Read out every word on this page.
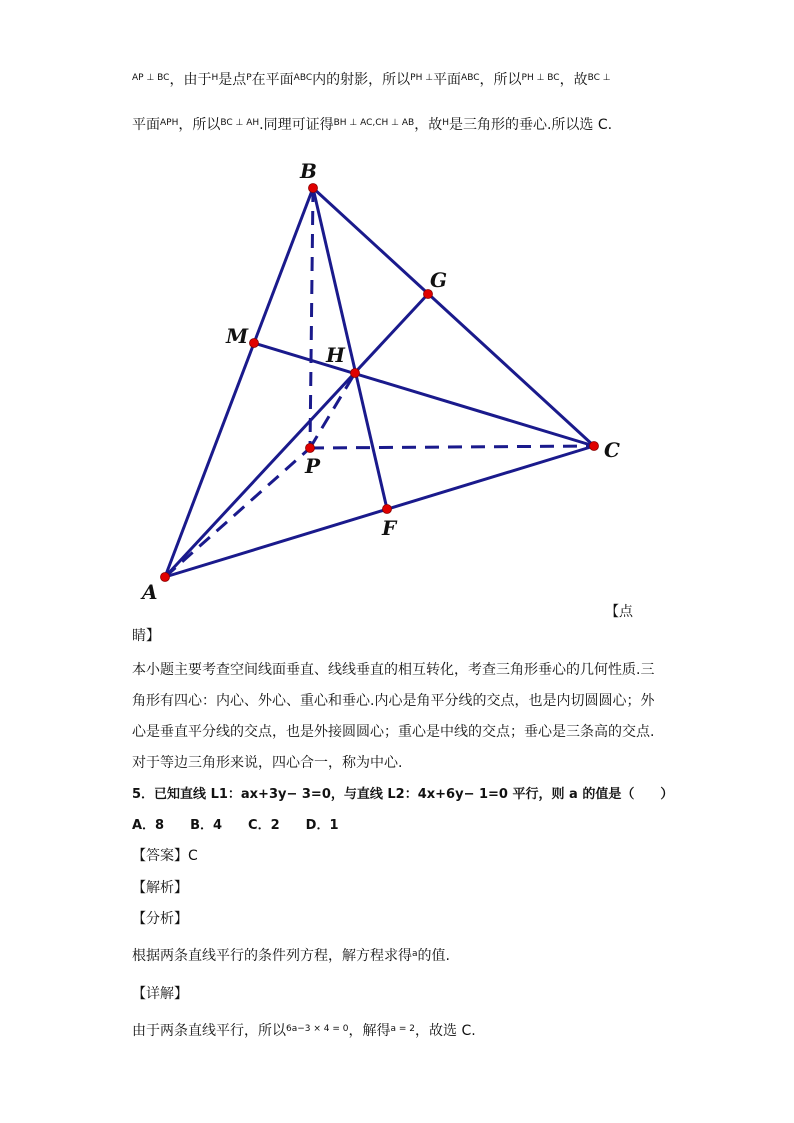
$^{AP \perp BC}$，由于$^H$是点$^P$在平面$^{ABC}$内的射影，所以$^{PH \perp}$平面$^{ABC}$，所以$^{PH \perp BC}$，故$^{BC \perp}$
平面$^{APH}$，所以$^{BC \perp AH}$.同理可证得$^{BH \perp AC,CH \perp AB}$，故$^H$是三角形的垂心.所以选 C.
B
G
M
H
C
P
F
A
【点
睛】
本小题主要考查空间线面垂直、线线垂直的相互转化，考查三角形垂心的几何性质.三
角形有四心：内心、外心、重心和垂心.内心是角平分线的交点，也是内切圆圆心；外
心是垂直平分线的交点，也是外接圆圆心；重心是中线的交点；垂心是三条高的交点.
对于等边三角形来说，四心合一，称为中心.
5．已知直线 L1：ax+3y− 3=0，与直线 L2：4x+6y− 1=0 平行，则 a 的值是（　　）
A．8　　B．4　　C．2　　D．1
【答案】C
【解析】
【分析】
根据两条直线平行的条件列方程，解方程求得$^a$的值.
【详解】
由于两条直线平行，所以$^{6a-3 \times 4 = 0}$，解得$^{a = 2}$，故选 C.
